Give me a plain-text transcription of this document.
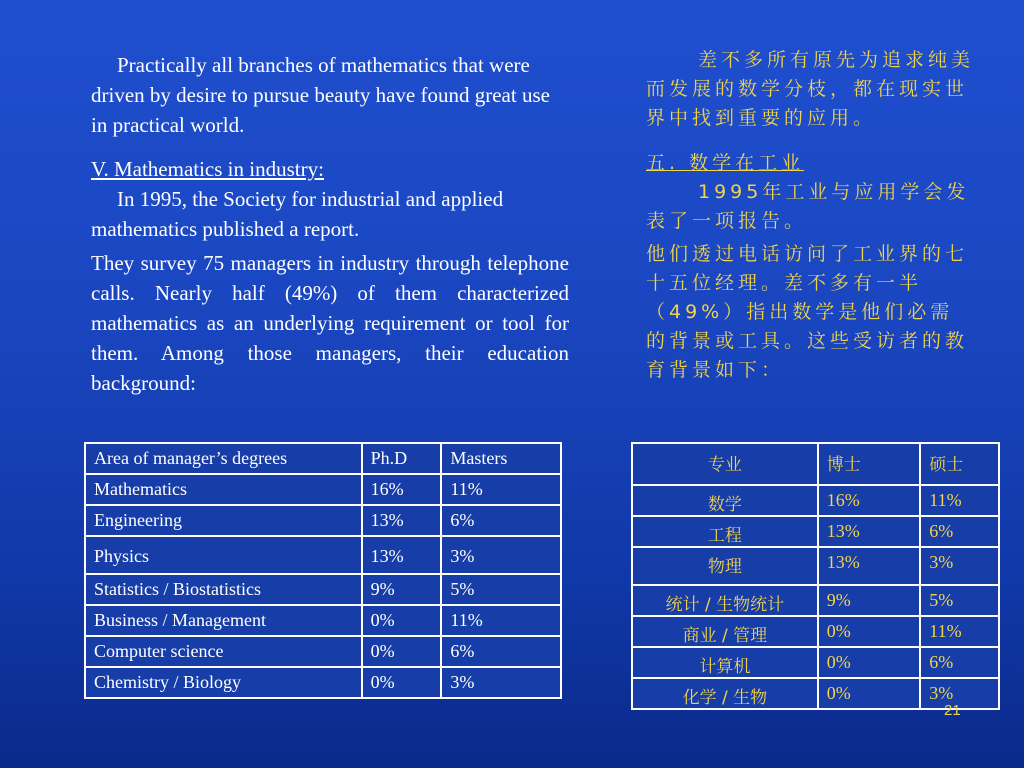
Practically all branches of mathematics that were driven by desire to pursue beauty have found great use in practical world.

V. Mathematics in industry:

In 1995, the Society for industrial and applied mathematics published a report.

They survey 75 managers in industry through telephone calls. Nearly half (49%) of them characterized mathematics as an underlying requirement or tool for them. Among those managers, their education background:

差不多所有原先为追求纯美而发展的数学分枝，都在现实世界中找到重要的应用。

五. 数学在工业

1995年工业与应用学会发表了一项报告。

他们透过电话访问了工业界的七十五位经理。差不多有一半（49%）指出数学是他们必需的背景或工具。这些受访者的教育背景如下：

Area of manager’s degrees	Ph.D	Masters
Mathematics	16%	11%
Engineering	13%	6%
Physics	13%	3%
Statistics / Biostatistics	9%	5%
Business / Management	0%	11%
Computer science	0%	6%
Chemistry / Biology	0%	3%
专业	博士	硕士
数学	16%	11%
工程	13%	6%
物理	13%	3%
统计 / 生物统计	9%	5%
商业 / 管理	0%	11%
计算机	0%	6%
化学 / 生物	0%	3%
21
